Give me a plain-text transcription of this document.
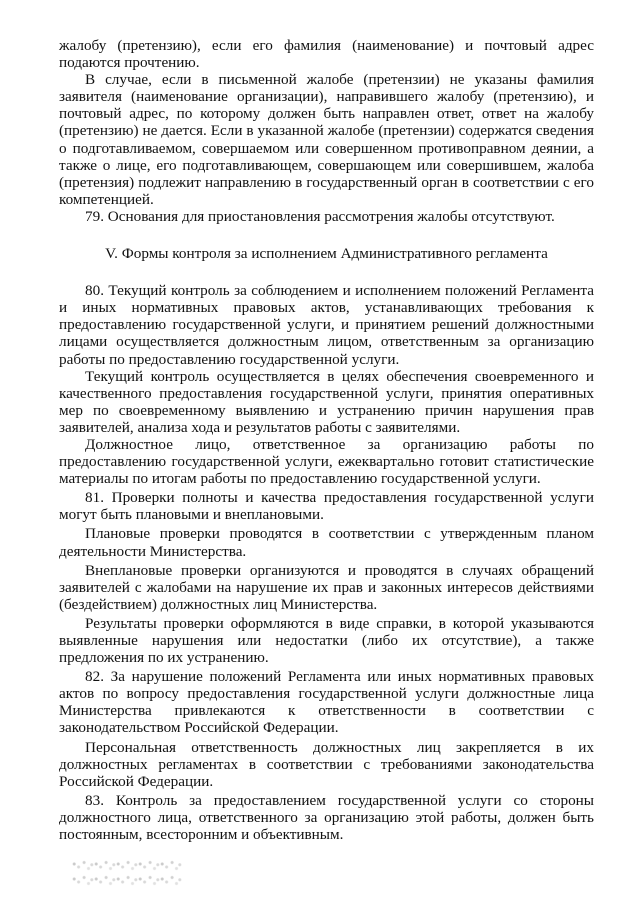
жалобу (претензию), если его фамилия (наименование) и почтовый адрес подаются прочтению.

В случае, если в письменной жалобе (претензии) не указаны фамилия заявителя (наименование организации), направившего жалобу (претензию), и почтовый адрес, по которому должен быть направлен ответ, ответ на жалобу (претензию) не дается. Если в указанной жалобе (претензии) содержатся сведения о подготавливаемом, совершаемом или совершенном противоправном деянии, а также о лице, его подготавливающем, совершающем или совершившем, жалоба (претензия) подлежит направлению в государственный орган в соответствии с его компетенцией.

79. Основания для приостановления рассмотрения жалобы отсутствуют.

V. Формы контроля за исполнением Административного регламента

80. Текущий контроль за соблюдением и исполнением положений Регламента и иных нормативных правовых актов, устанавливающих требования к предоставлению государственной услуги, и принятием решений должностными лицами осуществляется должностным лицом, ответственным за организацию работы по предоставлению государственной услуги.

Текущий контроль осуществляется в целях обеспечения своевременного и качественного предоставления государственной услуги, принятия оперативных мер по своевременному выявлению и устранению причин нарушения прав заявителей, анализа хода и результатов работы с заявителями.

Должностное лицо, ответственное за организацию работы по предоставлению государственной услуги, ежеквартально готовит статистические материалы по итогам работы по предоставлению государственной услуги.

81. Проверки полноты и качества предоставления государственной услуги могут быть плановыми и внеплановыми.

Плановые проверки проводятся в соответствии с утвержденным планом деятельности Министерства.

Внеплановые проверки организуются и проводятся в случаях обращений заявителей с жалобами на нарушение их прав и законных интересов действиями (бездействием) должностных лиц Министерства.

Результаты проверки оформляются в виде справки, в которой указываются выявленные нарушения или недостатки (либо их отсутствие), а также предложения по их устранению.

82. За нарушение положений Регламента или иных нормативных правовых актов по вопросу предоставления государственной услуги должностные лица Министерства привлекаются к ответственности в соответствии с законодательством Российской Федерации.

Персональная ответственность должностных лиц закрепляется в их должностных регламентах в соответствии с требованиями законодательства Российской Федерации.

83. Контроль за предоставлением государственной услуги со стороны должностного лица, ответственного за организацию этой работы, должен быть постоянным, всесторонним и объективным.
